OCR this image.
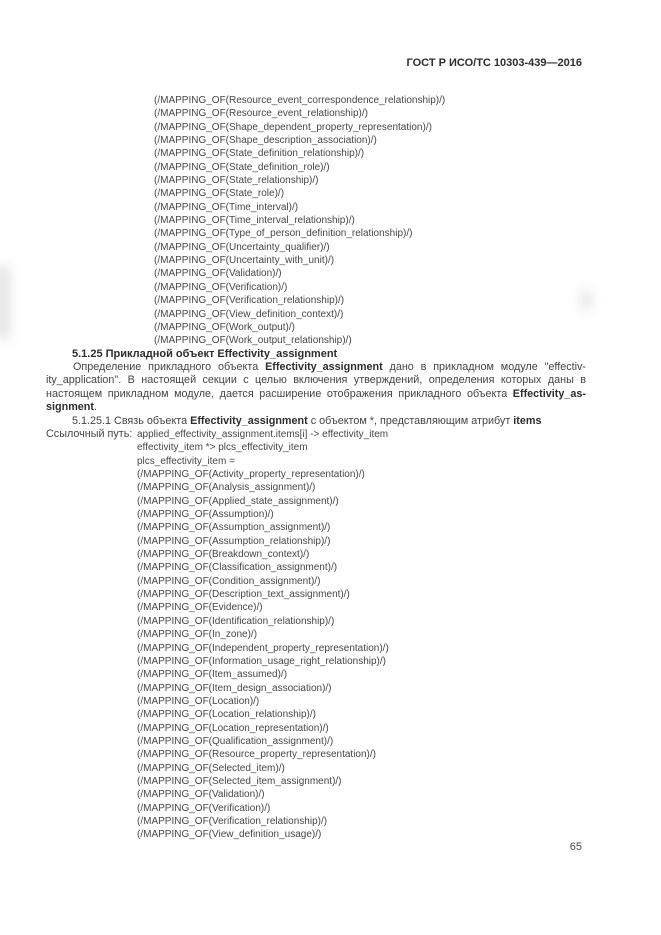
ГОСТ Р ИСО/ТС 10303-439—2016
(/MAPPING_OF(Resource_event_correspondence_relationship)/)
(/MAPPING_OF(Resource_event_relationship)/)
(/MAPPING_OF(Shape_dependent_property_representation)/)
(/MAPPING_OF(Shape_description_association)/)
(/MAPPING_OF(State_definition_relationship)/)
(/MAPPING_OF(State_definition_role)/)
(/MAPPING_OF(State_relationship)/)
(/MAPPING_OF(State_role)/)
(/MAPPING_OF(Time_interval)/)
(/MAPPING_OF(Time_interval_relationship)/)
(/MAPPING_OF(Type_of_person_definition_relationship)/)
(/MAPPING_OF(Uncertainty_qualifier)/)
(/MAPPING_OF(Uncertainty_with_unit)/)
(/MAPPING_OF(Validation)/)
(/MAPPING_OF(Verification)/)
(/MAPPING_OF(Verification_relationship)/)
(/MAPPING_OF(View_definition_context)/)
(/MAPPING_OF(Work_output)/)
(/MAPPING_OF(Work_output_relationship)/)
5.1.25 Прикладной объект Effectivity_assignment
Определение прикладного объекта Effectivity_assignment дано в прикладном модуле "effectiv-
ity_application". В настоящей секции с целью включения утверждений, определения которых даны в
настоящем прикладном модуле, дается расширение отображения прикладного объекта Effectivity_as-
signment.
5.1.25.1 Связь объекта Effectivity_assignment с объектом *, представляющим атрибут items
Ссылочный путь: applied_effectivity_assignment.items[i] -> effectivity_item
effectivity_item *> plcs_effectivity_item
plcs_effectivity_item =
(/MAPPING_OF(Activity_property_representation)/)
(/MAPPING_OF(Analysis_assignment)/)
(/MAPPING_OF(Applied_state_assignment)/)
(/MAPPING_OF(Assumption)/)
(/MAPPING_OF(Assumption_assignment)/)
(/MAPPING_OF(Assumption_relationship)/)
(/MAPPING_OF(Breakdown_context)/)
(/MAPPING_OF(Classification_assignment)/)
(/MAPPING_OF(Condition_assignment)/)
(/MAPPING_OF(Description_text_assignment)/)
(/MAPPING_OF(Evidence)/)
(/MAPPING_OF(Identification_relationship)/)
(/MAPPING_OF(In_zone)/)
(/MAPPING_OF(Independent_property_representation)/)
(/MAPPING_OF(Information_usage_right_relationship)/)
(/MAPPING_OF(Item_assumed)/)
(/MAPPING_OF(Item_design_association)/)
(/MAPPING_OF(Location)/)
(/MAPPING_OF(Location_relationship)/)
(/MAPPING_OF(Location_representation)/)
(/MAPPING_OF(Qualification_assignment)/)
(/MAPPING_OF(Resource_property_representation)/)
(/MAPPING_OF(Selected_item)/)
(/MAPPING_OF(Selected_item_assignment)/)
(/MAPPING_OF(Validation)/)
(/MAPPING_OF(Verification)/)
(/MAPPING_OF(Verification_relationship)/)
(/MAPPING_OF(View_definition_usage)/)
65
